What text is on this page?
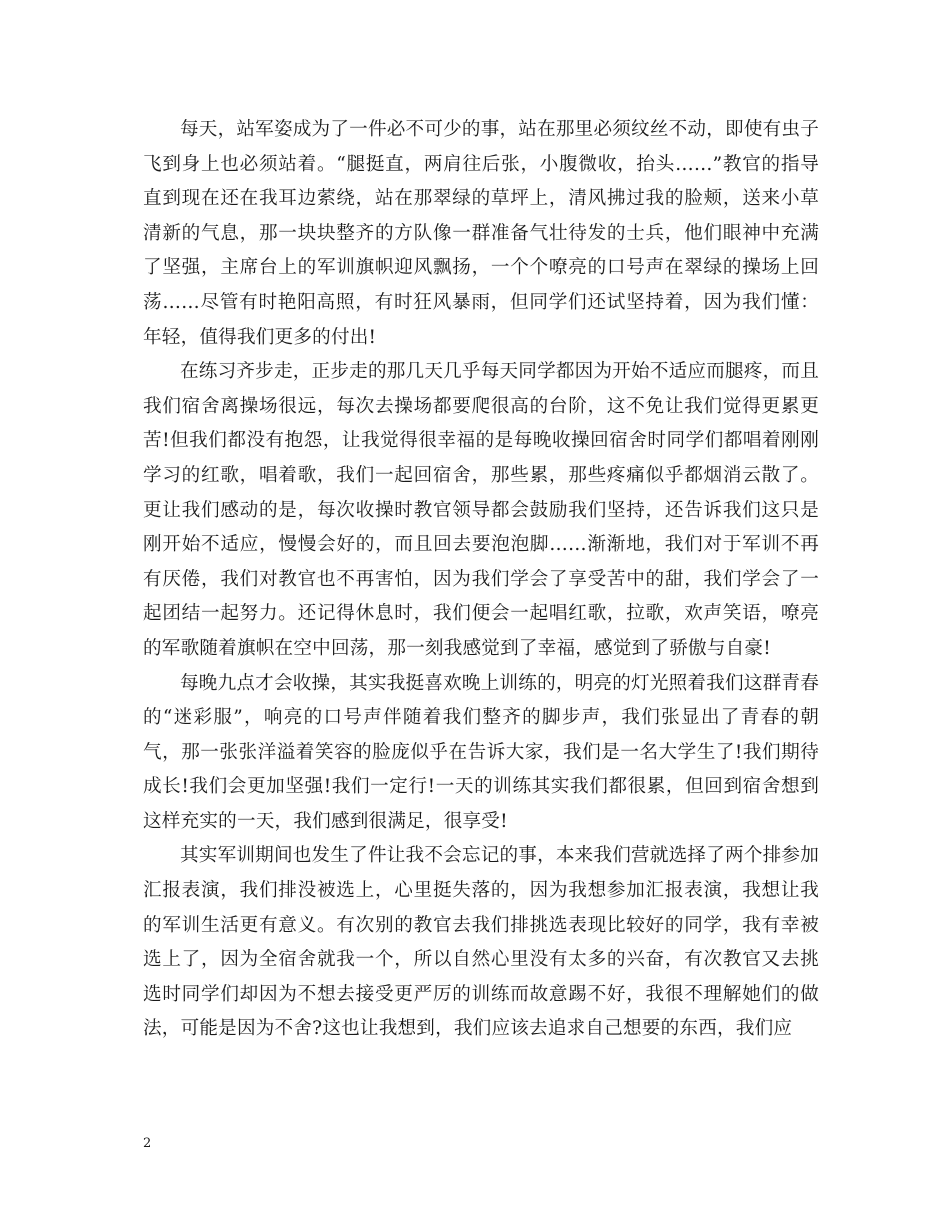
每天，站军姿成为了一件必不可少的事，站在那里必须纹丝不动，即使有虫子飞到身上也必须站着。“腿挺直，两肩往后张，小腹微收，抬头……”教官的指导直到现在还在我耳边萦绕，站在那翠绿的草坪上，清风拂过我的脸颊，送来小草清新的气息，那一块块整齐的方队像一群准备气壮待发的士兵，他们眼神中充满了坚强，主席台上的军训旗帜迎风飘扬，一个个嘹亮的口号声在翠绿的操场上回荡……尽管有时艳阳高照，有时狂风暴雨，但同学们还试坚持着，因为我们懂：年轻，值得我们更多的付出!

在练习齐步走，正步走的那几天几乎每天同学都因为开始不适应而腿疼，而且我们宿舍离操场很远，每次去操场都要爬很高的台阶，这不免让我们觉得更累更苦!但我们都没有抱怨，让我觉得很幸福的是每晚收操回宿舍时同学们都唱着刚刚学习的红歌，唱着歌，我们一起回宿舍，那些累，那些疼痛似乎都烟消云散了。更让我们感动的是，每次收操时教官领导都会鼓励我们坚持，还告诉我们这只是刚开始不适应，慢慢会好的，而且回去要泡泡脚……渐渐地，我们对于军训不再有厌倦，我们对教官也不再害怕，因为我们学会了享受苦中的甜，我们学会了一起团结一起努力。还记得休息时，我们便会一起唱红歌，拉歌，欢声笑语，嘹亮的军歌随着旗帜在空中回荡，那一刻我感觉到了幸福，感觉到了骄傲与自豪!

每晚九点才会收操，其实我挺喜欢晚上训练的，明亮的灯光照着我们这群青春的“迷彩服”，响亮的口号声伴随着我们整齐的脚步声，我们张显出了青春的朝气，那一张张洋溢着笑容的脸庞似乎在告诉大家，我们是一名大学生了!我们期待成长!我们会更加坚强!我们一定行!一天的训练其实我们都很累，但回到宿舍想到这样充实的一天，我们感到很满足，很享受!

其实军训期间也发生了件让我不会忘记的事，本来我们营就选择了两个排参加汇报表演，我们排没被选上，心里挺失落的，因为我想参加汇报表演，我想让我的军训生活更有意义。有次别的教官去我们排挑选表现比较好的同学，我有幸被选上了，因为全宿舍就我一个，所以自然心里没有太多的兴奋，有次教官又去挑选时同学们却因为不想去接受更严厉的训练而故意踢不好，我很不理解她们的做法，可能是因为不舍?这也让我想到，我们应该去追求自己想要的东西，我们应

2
